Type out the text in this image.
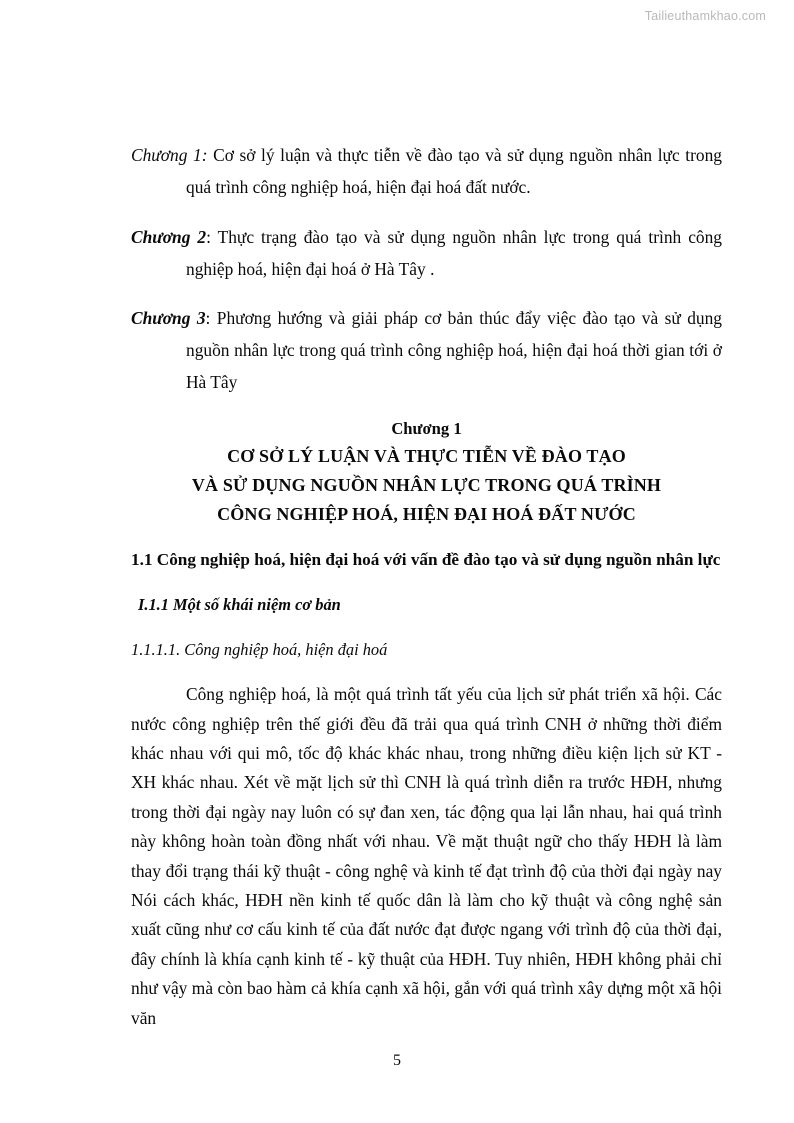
Tailieuthamkhao.com

Chương 1: Cơ sở lý luận và thực tiễn về đào tạo và sử dụng nguồn nhân lực trong quá trình công nghiệp hoá, hiện đại hoá đất nước.

Chương 2: Thực trạng đào tạo và sử dụng nguồn nhân lực trong quá trình công nghiệp hoá, hiện đại hoá ở Hà Tây .

Chương 3: Phương hướng và giải pháp cơ bản thúc đẩy việc đào tạo và sử dụng nguồn nhân lực trong quá trình công nghiệp hoá, hiện đại hoá thời gian tới ở Hà Tây

Chương 1
CƠ SỞ LÝ LUẬN VÀ THỰC TIỄN VỀ ĐÀO TẠO
VÀ SỬ DỤNG NGUỒN NHÂN LỰC TRONG QUÁ TRÌNH
CÔNG NGHIỆP HOÁ, HIỆN ĐẠI HOÁ ĐẤT NƯỚC

1.1 Công nghiệp hoá, hiện đại hoá với vấn đề đào tạo và sử dụng nguồn nhân lực

I.1.1 Một số khái niệm cơ bản

1.1.1.1. Công nghiệp hoá, hiện đại hoá

Công nghiệp hoá, là một quá trình tất yếu của lịch sử phát triển xã hội. Các nước công nghiệp trên thế giới đều đã trải qua quá trình CNH ở những thời điểm khác nhau với qui mô, tốc độ khác khác nhau, trong những điều kiện lịch sử KT - XH khác nhau. Xét về mặt lịch sử thì CNH là quá trình diễn ra trước HĐH, nhưng trong thời đại ngày nay luôn có sự đan xen, tác động qua lại lẫn nhau, hai quá trình này không hoàn toàn đồng nhất với nhau. Về mặt thuật ngữ cho thấy HĐH là làm thay đổi trạng thái kỹ thuật - công nghệ và kinh tế đạt trình độ của thời đại ngày nay Nói cách khác, HĐH nền kinh tế quốc dân là làm cho kỹ thuật và công nghệ sản xuất cũng như cơ cấu kinh tế của đất nước đạt được ngang với trình độ của thời đại, đây chính là khía cạnh kinh tế - kỹ thuật của HĐH. Tuy nhiên, HĐH không phải chỉ như vậy mà còn bao hàm cả khía cạnh xã hội, gắn với quá trình xây dựng một xã hội văn

5
